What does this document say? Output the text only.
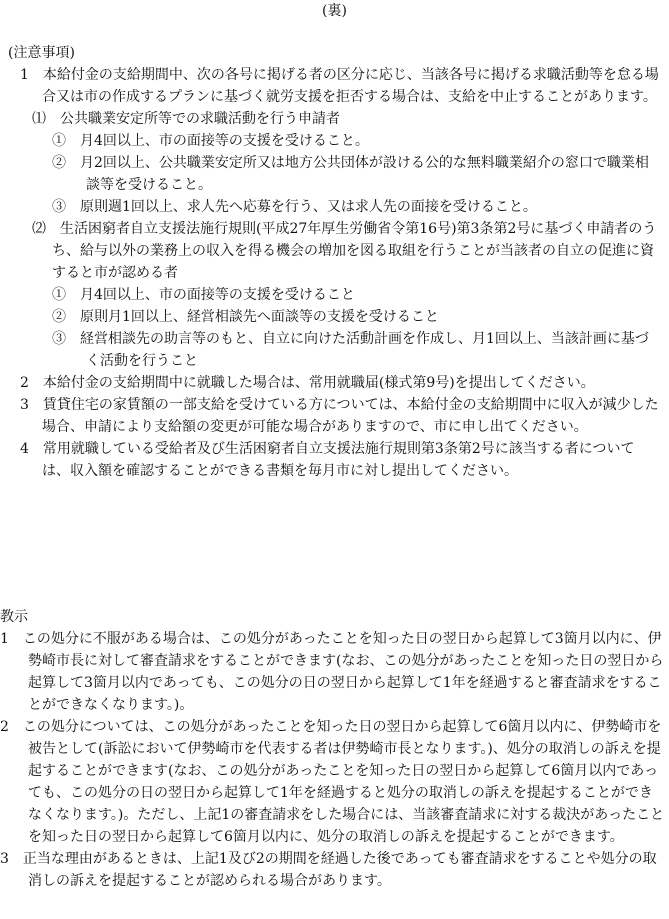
(裏)

(注意事項)

1　 本給付金の支給期間中、次の各号に掲げる者の区分に応じ、当該各号に掲げる求職活動等を怠る場合又は市の作成するプランに基づく就労支援を拒否する場合は、支給を中止することがあります。

⑴　 公共職業安定所等での求職活動を行う申請者

①　 月4回以上、市の面接等の支援を受けること。

②　 月2回以上、公共職業安定所又は地方公共団体が設ける公的な無料職業紹介の窓口で職業相談等を受けること。

③　 原則週1回以上、求人先へ応募を行う、又は求人先の面接を受けること。

⑵　 生活困窮者自立支援法施行規則(平成27年厚生労働省令第16号)第3条第2号に基づく申請者のうち、給与以外の業務上の収入を得る機会の増加を図る取組を行うことが当該者の自立の促進に資すると市が認める者

①　 月4回以上、市の面接等の支援を受けること

②　 原則月1回以上、経営相談先へ面談等の支援を受けること

③　 経営相談先の助言等のもと、自立に向けた活動計画を作成し、月1回以上、当該計画に基づく活動を行うこと

2　 本給付金の支給期間中に就職した場合は、常用就職届(様式第9号)を提出してください。

3　 賃貸住宅の家賃額の一部支給を受けている方については、本給付金の支給期間中に収入が減少した場合、申請により支給額の変更が可能な場合がありますので、市に申し出てください。

4　 常用就職している受給者及び生活困窮者自立支援法施行規則第3条第2号に該当する者については、収入額を確認することができる書類を毎月市に対し提出してください。

教示

1　 この処分に不服がある場合は、この処分があったことを知った日の翌日から起算して3箇月以内に、伊勢崎市長に対して審査請求をすることができます(なお、この処分があったことを知った日の翌日から起算して3箇月以内であっても、この処分の日の翌日から起算して1年を経過すると審査請求をすることができなくなります。)。

2　 この処分については、この処分があったことを知った日の翌日から起算して6箇月以内に、伊勢崎市を被告として(訴訟において伊勢崎市を代表する者は伊勢崎市長となります。)、処分の取消しの訴えを提起することができます(なお、この処分があったことを知った日の翌日から起算して6箇月以内であっても、この処分の日の翌日から起算して1年を経過すると処分の取消しの訴えを提起することができなくなります。)。ただし、上記1の審査請求をした場合には、当該審査請求に対する裁決があったことを知った日の翌日から起算して6箇月以内に、処分の取消しの訴えを提起することができます。

3　 正当な理由があるときは、上記1及び2の期間を経過した後であっても審査請求をすることや処分の取消しの訴えを提起することが認められる場合があります。
